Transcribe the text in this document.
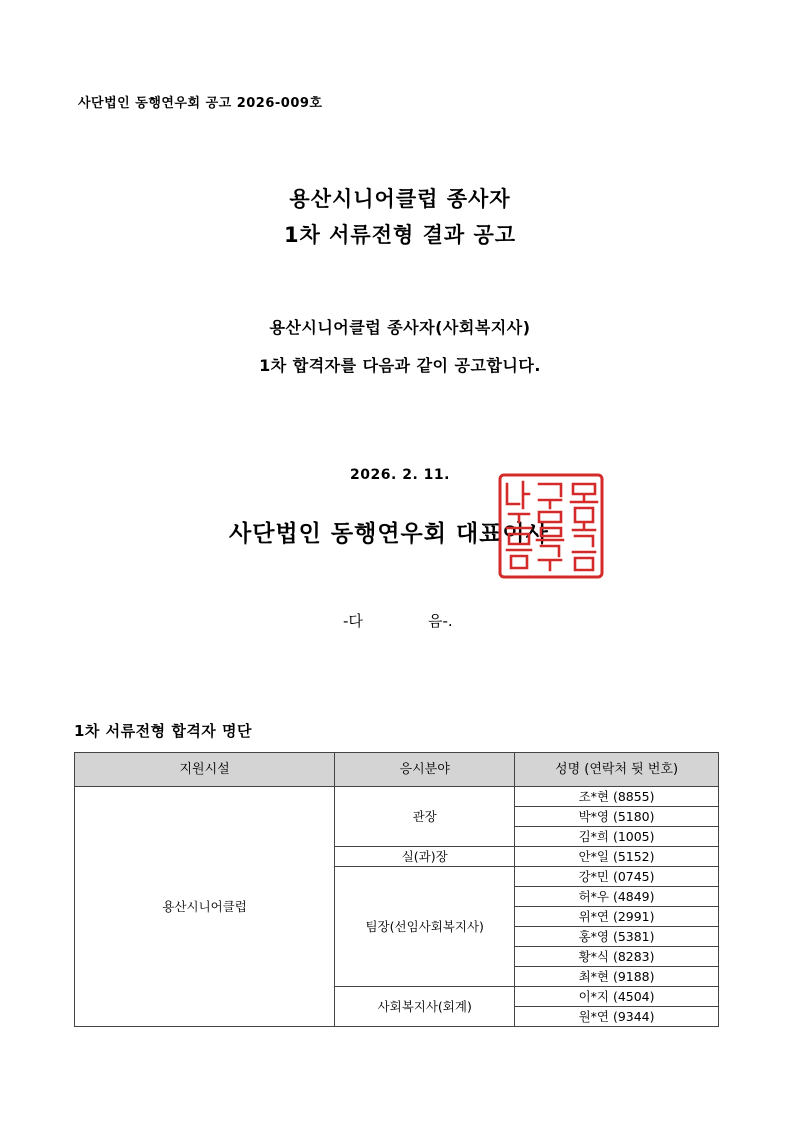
사단법인 동행연우회 공고 2026-009호
용산시니어클럽 종사자
1차 서류전형 결과 공고
용산시니어클럽 종사자(사회복지사)
1차 합격자를 다음과 같이 공고합니다.
2026. 2. 11.
사단법인 동행연우회 대표이사
-다	음-.
1차 서류전형 합격자 명단
지원시설	응시분야	성명 (연락처 뒷 번호)
용산시니어클럽	관장	조*현 (8855)
		박*영 (5180)
		김*희 (1005)
	실(과)장	안*일 (5152)
	팀장(선임사회복지사)	강*민 (0745)
		허*우 (4849)
		위*연 (2991)
		홍*영 (5381)
		황*식 (8283)
		최*현 (9188)
	사회복지사(회계)	이*지 (4504)
		원*연 (9344)
